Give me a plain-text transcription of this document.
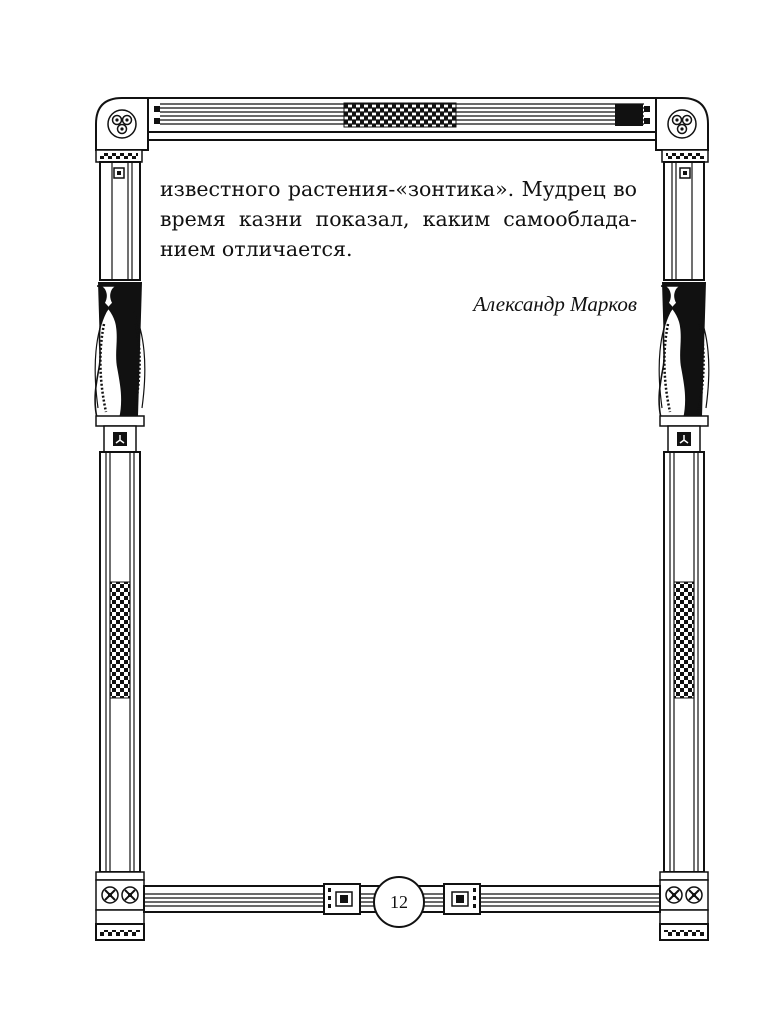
известного растения-«зонтика». Мудрец во
время казни показал, каким самооблада-
нием отличается.

Александр Марков
12
